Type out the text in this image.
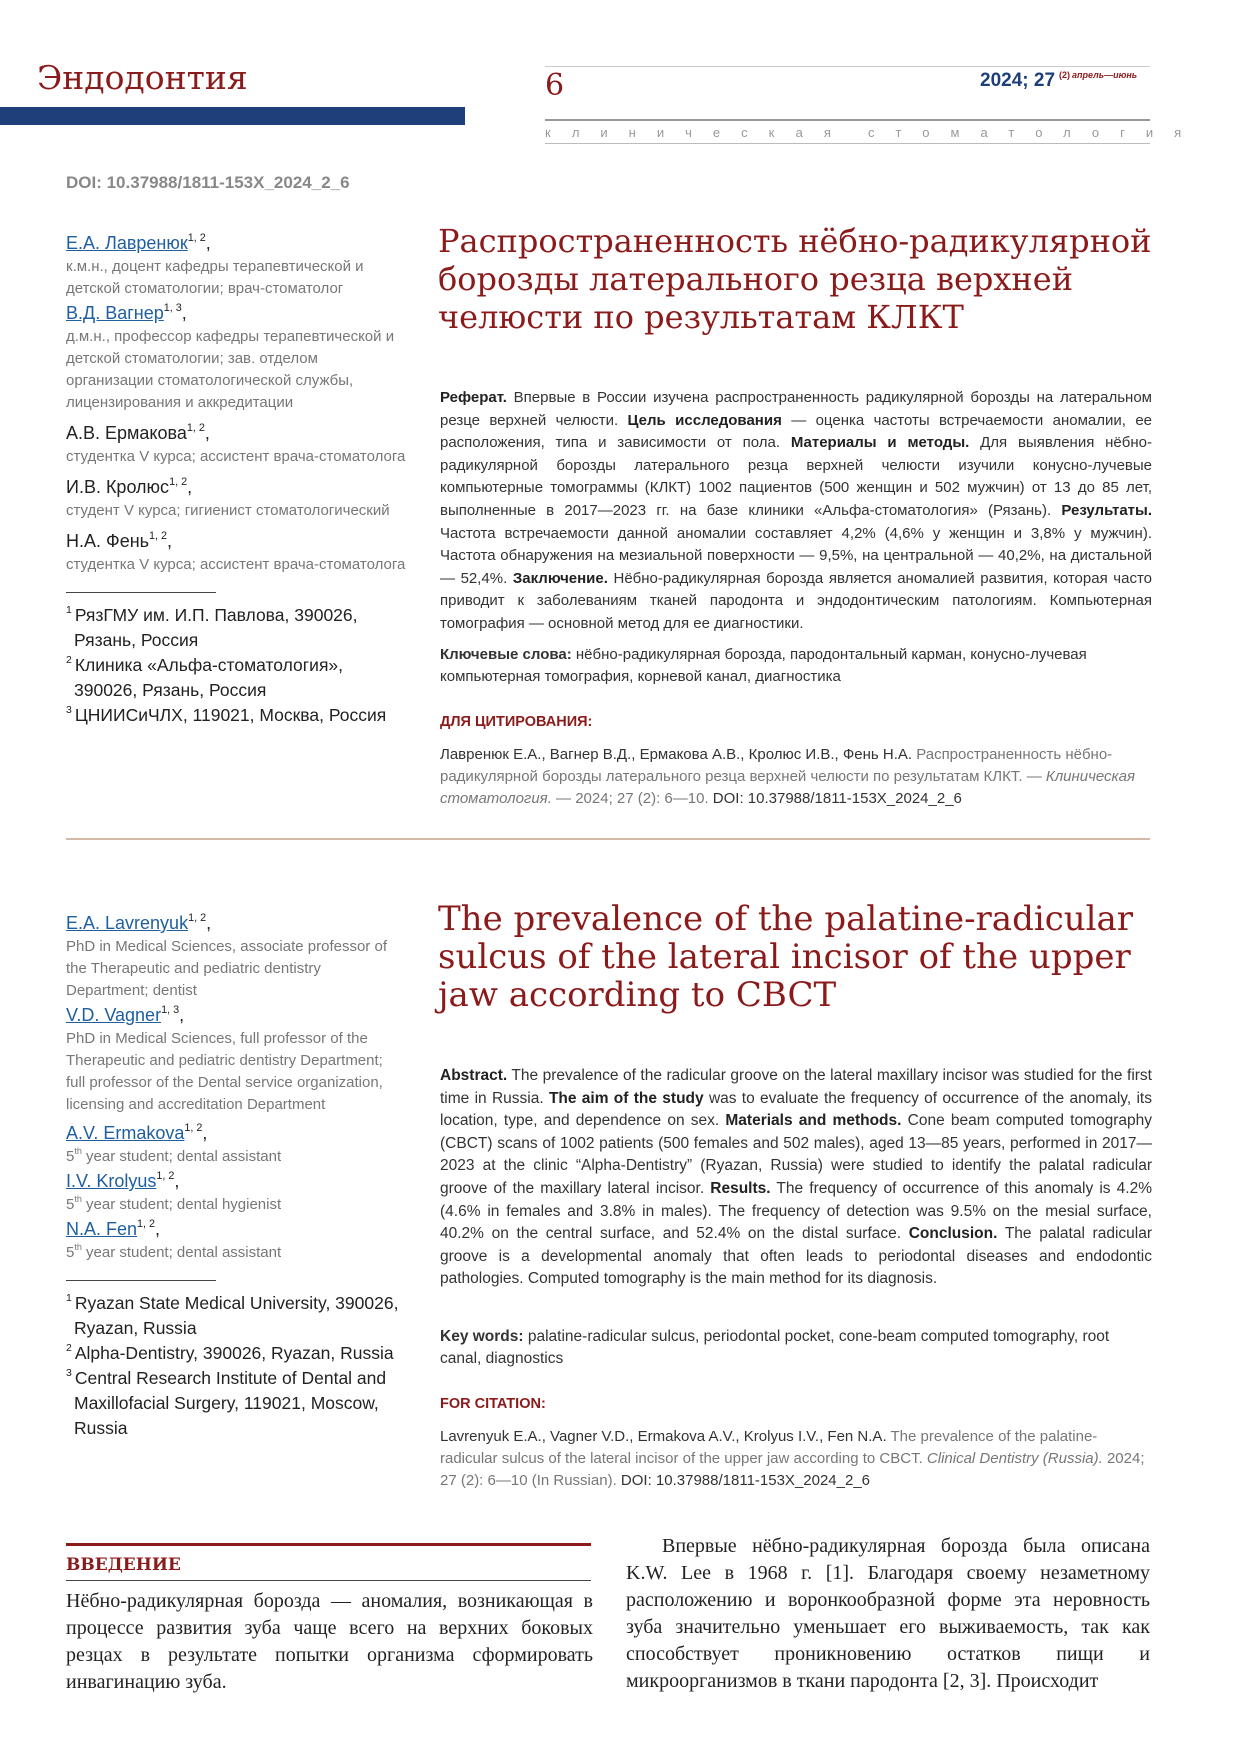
Эндодонтия	6	2024; 27 $^{(2)}$ $^{апрель—июнь}$
клиническая стоматология
DOI: 10.37988/1811-153X_2024_2_6
Е.А. Лавренюк$^{1, 2}$,
к.м.н., доцент кафедры терапевтической и детской стоматологии; врач-стоматолог
В.Д. Вагнер$^{1, 3}$,
д.м.н., профессор кафедры терапевтической и детской стоматологии; зав. отделом организации стоматологической службы, лицензирования и аккредитации
А.В. Ермакова$^{1, 2}$,
студентка V курса; ассистент врача-стоматолога
И.В. Кролюс$^{1, 2}$,
студент V курса; гигиенист стоматологический
Н.А. Фень$^{1, 2}$,
студентка V курса; ассистент врача-стоматолога
$^1$ РязГМУ им. И.П. Павлова, 390026, Рязань, Россия
$^2$ Клиника «Альфа-стоматология», 390026, Рязань, Россия
$^3$ ЦНИИСиЧЛХ, 119021, Москва, Россия
Распространенность нёбно-радикулярной борозды латерального резца верхней челюсти по результатам КЛКТ
Реферат. Впервые в России изучена распространенность радикулярной борозды на латеральном резце верхней челюсти. Цель исследования — оценка частоты встречаемости аномалии, ее расположения, типа и зависимости от пола. Материалы и методы. Для выявления нёбно-радикулярной борозды латерального резца верхней челюсти изучили конусно-лучевые компьютерные томограммы (КЛКТ) 1002 пациентов (500 женщин и 502 мужчин) от 13 до 85 лет, выполненные в 2017—2023 гг. на базе клиники «Альфа-стоматология» (Рязань). Результаты. Частота встречаемости данной аномалии составляет 4,2% (4,6% у женщин и 3,8% у мужчин). Частота обнаружения на мезиальной поверхности — 9,5%, на центральной — 40,2%, на дистальной — 52,4%. Заключение. Нёбно-радикулярная борозда является аномалией развития, которая часто приводит к заболеваниям тканей пародонта и эндодонтическим патологиям. Компьютерная томография — основной метод для ее диагностики.
Ключевые слова: нёбно-радикулярная борозда, пародонтальный карман, конусно-лучевая компьютерная томография, корневой канал, диагностика
ДЛЯ ЦИТИРОВАНИЯ:
Лавренюк Е.А., Вагнер В.Д., Ермакова А.В., Кролюс И.В., Фень Н.А. Распространенность нёбно-радикулярной борозды латерального резца верхней челюсти по результатам КЛКТ. — Клиническая стоматология. — 2024; 27 (2): 6—10. DOI: 10.37988/1811-153X_2024_2_6
E.A. Lavrenyuk$^{1, 2}$,
PhD in Medical Sciences, associate professor of the Therapeutic and pediatric dentistry Department; dentist
V.D. Vagner$^{1, 3}$,
PhD in Medical Sciences, full professor of the Therapeutic and pediatric dentistry Department; full professor of the Dental service organization, licensing and accreditation Department
A.V. Ermakova$^{1, 2}$,
5th year student; dental assistant
I.V. Krolyus$^{1, 2}$,
5th year student; dental hygienist
N.A. Fen$^{1, 2}$,
5th year student; dental assistant
$^1$ Ryazan State Medical University, 390026, Ryazan, Russia
$^2$ Alpha-Dentistry, 390026, Ryazan, Russia
$^3$ Central Research Institute of Dental and Maxillofacial Surgery, 119021, Moscow, Russia
The prevalence of the palatine-radicular sulcus of the lateral incisor of the upper jaw according to CBCT
Abstract. The prevalence of the radicular groove on the lateral maxillary incisor was studied for the first time in Russia. The aim of the study was to evaluate the frequency of occurrence of the anomaly, its location, type, and dependence on sex. Materials and methods. Cone beam computed tomography (CBCT) scans of 1002 patients (500 females and 502 males), aged 13—85 years, performed in 2017—2023 at the clinic “Alpha-Dentistry” (Ryazan, Russia) were studied to identify the palatal radicular groove of the maxillary lateral incisor. Results. The frequency of occurrence of this anomaly is 4.2% (4.6% in females and 3.8% in males). The frequency of detection was 9.5% on the mesial surface, 40.2% on the central surface, and 52.4% on the distal surface. Conclusion. The palatal radicular groove is a developmental anomaly that often leads to periodontal diseases and endodontic pathologies. Computed tomography is the main method for its diagnosis.
Key words: palatine-radicular sulcus, periodontal pocket, cone-beam computed tomography, root canal, diagnostics
FOR CITATION:
Lavrenyuk E.A., Vagner V.D., Ermakova A.V., Krolyus I.V., Fen N.A. The prevalence of the palatine-radicular sulcus of the lateral incisor of the upper jaw according to CBCT. Clinical Dentistry (Russia). 2024; 27 (2): 6—10 (In Russian). DOI: 10.37988/1811-153X_2024_2_6
ВВЕДЕНИЕ
Нёбно-радикулярная борозда — аномалия, возникающая в процессе развития зуба чаще всего на верхних боковых резцах в результате попытки организма сформировать инвагинацию зуба.
Впервые нёбно-радикулярная борозда была описана K.W. Lee в 1968 г. [1]. Благодаря своему незаметному расположению и воронкообразной форме эта неровность зуба значительно уменьшает его выживаемость, так как способствует проникновению остатков пищи и микроорганизмов в ткани пародонта [2, 3]. Происходит
